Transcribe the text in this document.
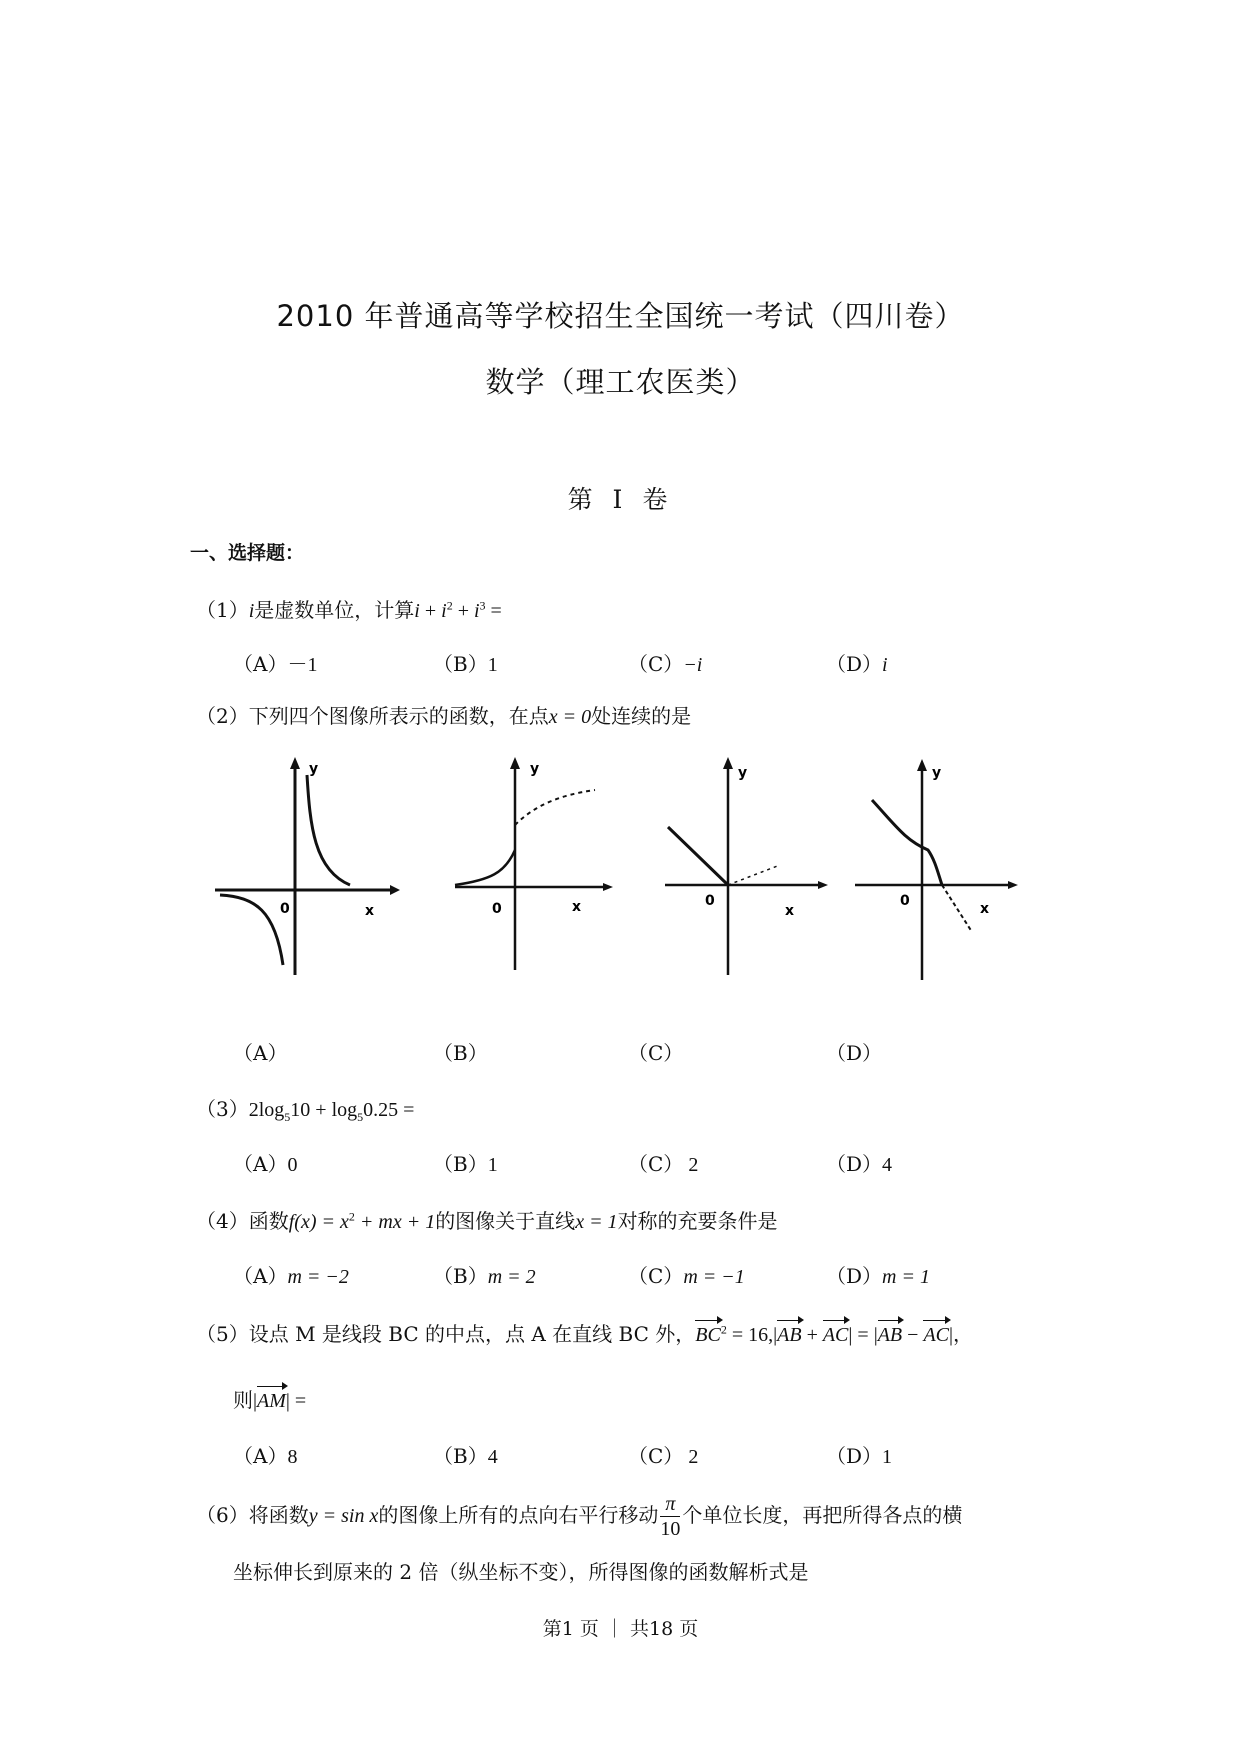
2010 年普通高等学校招生全国统一考试（四川卷）
数学（理工农医类）
第 I 卷
一、选择题：
（1）i是虚数单位，计算$i + i^2 + i^3$ =
（A）－1	（B）1	（C）−i	（D）i
（2）下列四个图像所表示的函数，在点x = 0处连续的是
y
x
0
y
x
0
y
x
0
y
x
0
（A）	（B）	（C）	（D）
$(3)2\log_510 + \log_50.25$ =
（A）0	（B）1	（C） 2	（D）4
（4）函数$f(x) = x^2$ + mx + 1的图像关于直线x = 1对称的充要条件是
（A）m = −2	（B）m = 2	（C）m = −1	（D）m = 1
（5）设点 M 是线段 BC 的中点，点 A 在直线 BC 外，$BC^2 = 16,|AB + AC| = |AB - AC|$，
则|AM| =
（A）8	（B）4	（C） 2	（D）1
（6）将函数y = sin x的图像上所有的点向右平行移动 $\frac{\pi}{10}$ 个单位长度，再把所得各点的横
坐标伸长到原来的 2 倍（纵坐标不变），所得图像的函数解析式是
第1 页 ｜ 共18 页
